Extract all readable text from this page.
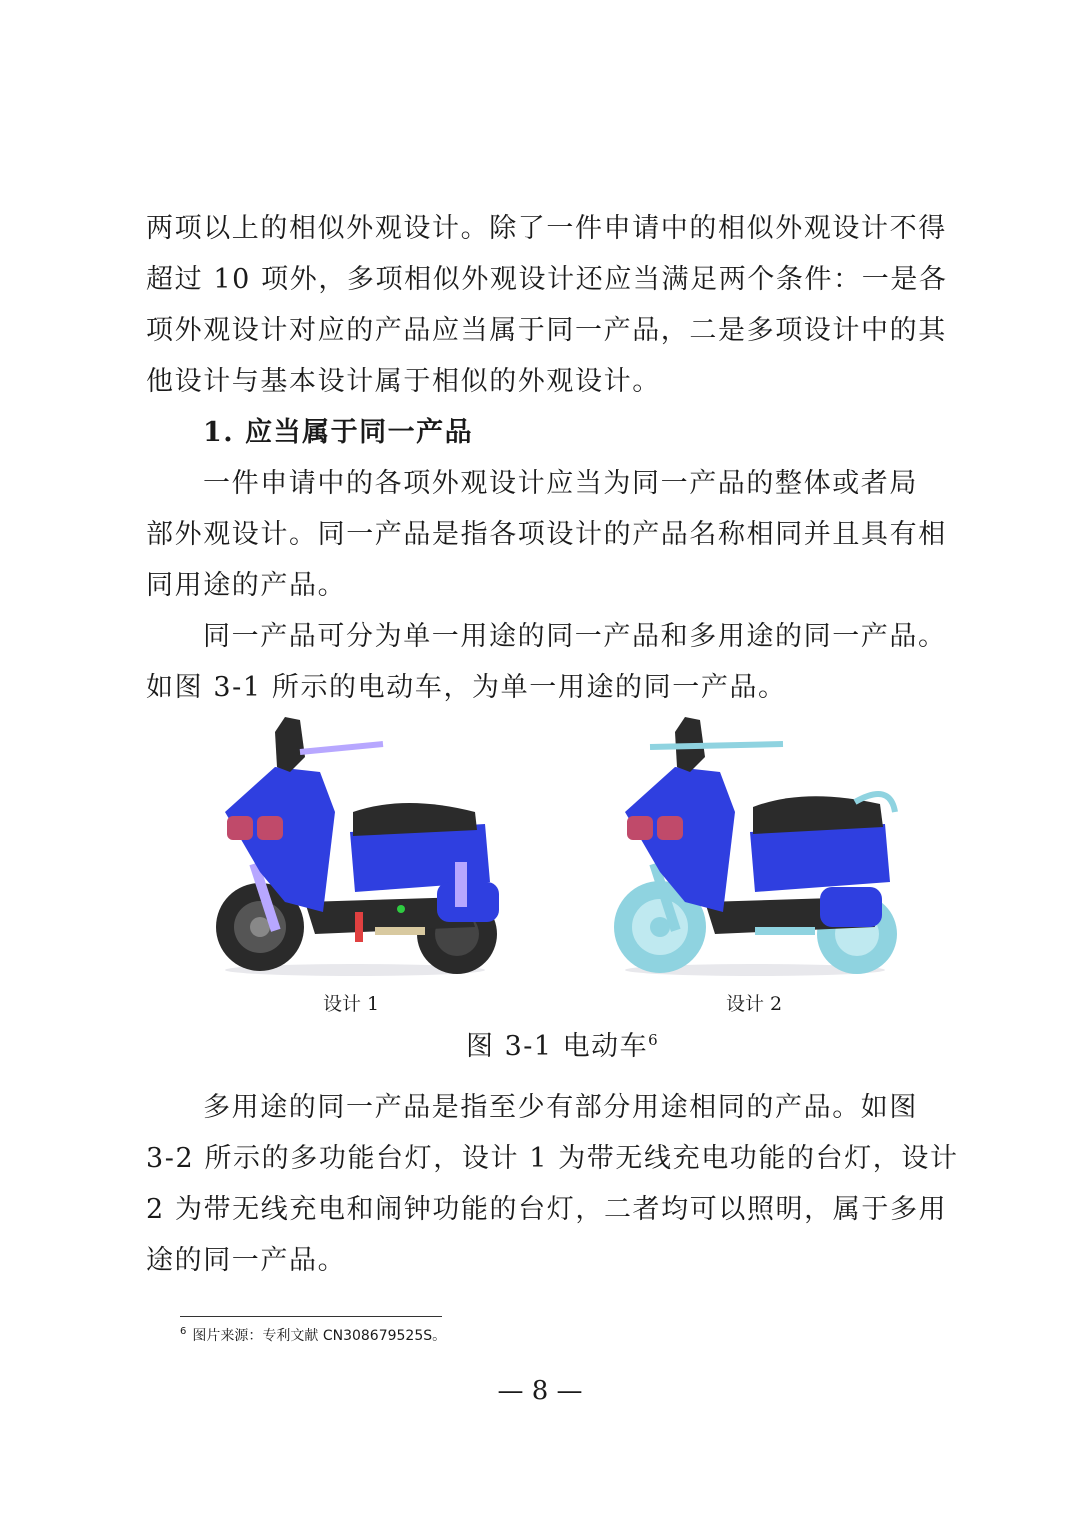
两项以上的相似外观设计。除了一件申请中的相似外观设计不得
超过 10 项外，多项相似外观设计还应当满足两个条件：一是各
项外观设计对应的产品应当属于同一产品，二是多项设计中的其
他设计与基本设计属于相似的外观设计。
1. 应当属于同一产品
一件申请中的各项外观设计应当为同一产品的整体或者局
部外观设计。同一产品是指各项设计的产品名称相同并且具有相
同用途的产品。
同一产品可分为单一用途的同一产品和多用途的同一产品。
如图 3-1 所示的电动车，为单一用途的同一产品。
设计 1	设计 2
图 3-1 电动车$^6$
多用途的同一产品是指至少有部分用途相同的产品。如图
3-2 所示的多功能台灯，设计 1 为带无线充电功能的台灯，设计
2 为带无线充电和闹钟功能的台灯，二者均可以照明，属于多用
途的同一产品。
$^6$ 图片来源：专利文献 CN308679525S。
— 8 —
